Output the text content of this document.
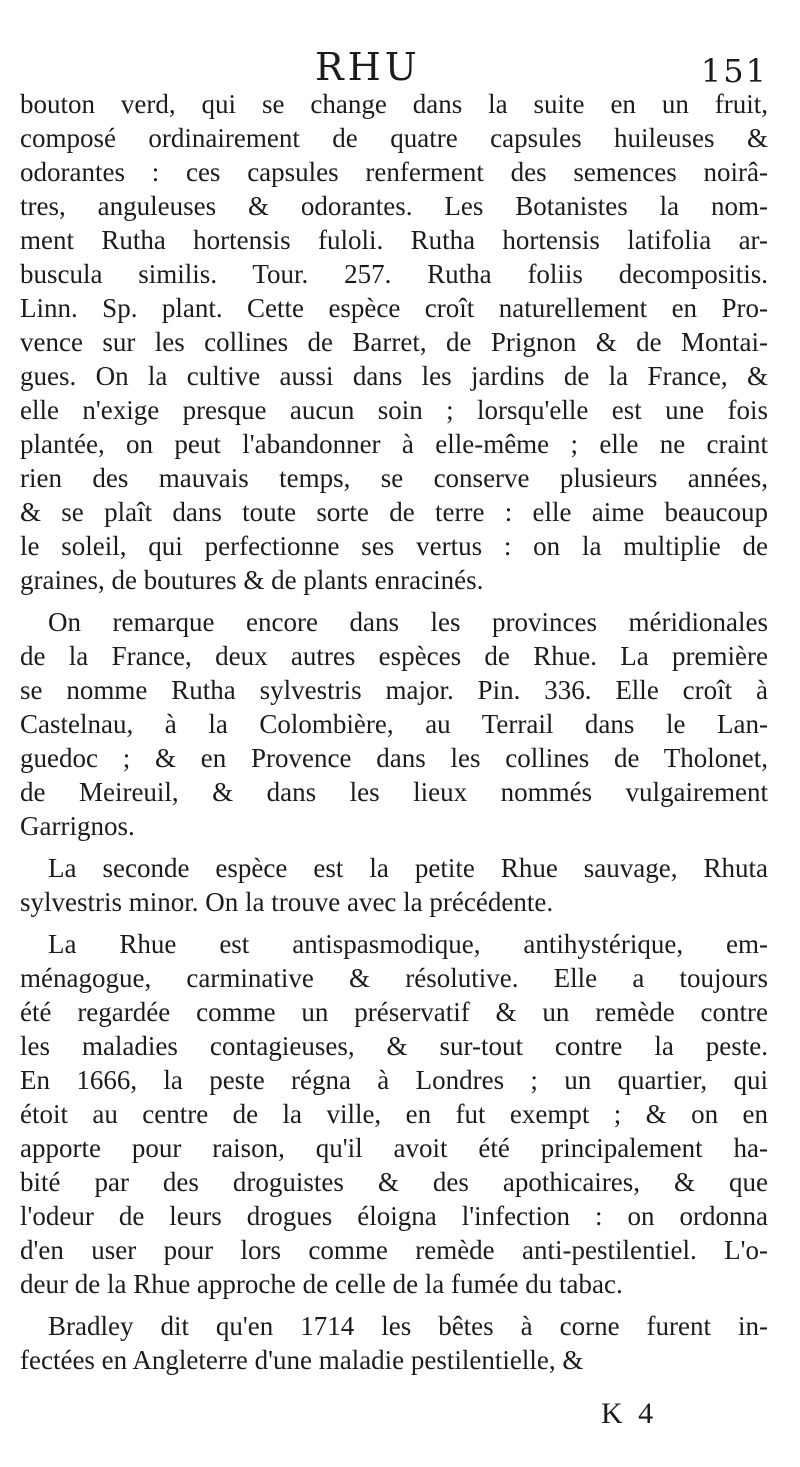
RHU	151
bouton verd, qui se change dans la suite en un fruit,
composé ordinairement de quatre capsules huileuses &
odorantes : ces capsules renferment des semences noirâ-
tres, anguleuses & odorantes. Les Botanistes la nom-
ment Rutha hortensis fuloli. Rutha hortensis latifolia ar-
buscula similis. Tour. 257. Rutha foliis decompositis.
Linn. Sp. plant. Cette espèce croît naturellement en Pro-
vence sur les collines de Barret, de Prignon & de Montai-
gues. On la cultive aussi dans les jardins de la France, &
elle n'exige presque aucun soin ; lorsqu'elle est une fois
plantée, on peut l'abandonner à elle-même ; elle ne craint
rien des mauvais temps, se conserve plusieurs années,
& se plaît dans toute sorte de terre : elle aime beaucoup
le soleil, qui perfectionne ses vertus : on la multiplie de
graines, de boutures & de plants enracinés.
On remarque encore dans les provinces méridionales
de la France, deux autres espèces de Rhue. La première
se nomme Rutha sylvestris major. Pin. 336. Elle croît à
Castelnau, à la Colombière, au Terrail dans le Lan-
guedoc ; & en Provence dans les collines de Tholonet,
de Meireuil, & dans les lieux nommés vulgairement
Garrignos.
La seconde espèce est la petite Rhue sauvage, Rhuta
sylvestris minor. On la trouve avec la précédente.
La Rhue est antispasmodique, antihystérique, em-
ménagogue, carminative & résolutive. Elle a toujours
été regardée comme un préservatif & un remède contre
les maladies contagieuses, & sur-tout contre la peste.
En 1666, la peste régna à Londres ; un quartier, qui
étoit au centre de la ville, en fut exempt ; & on en
apporte pour raison, qu'il avoit été principalement ha-
bité par des droguistes & des apothicaires, & que
l'odeur de leurs drogues éloigna l'infection : on ordonna
d'en user pour lors comme remède anti-pestilentiel. L'o-
deur de la Rhue approche de celle de la fumée du tabac.
Bradley dit qu'en 1714 les bêtes à corne furent in-
fectées en Angleterre d'une maladie pestilentielle, &
K 4
